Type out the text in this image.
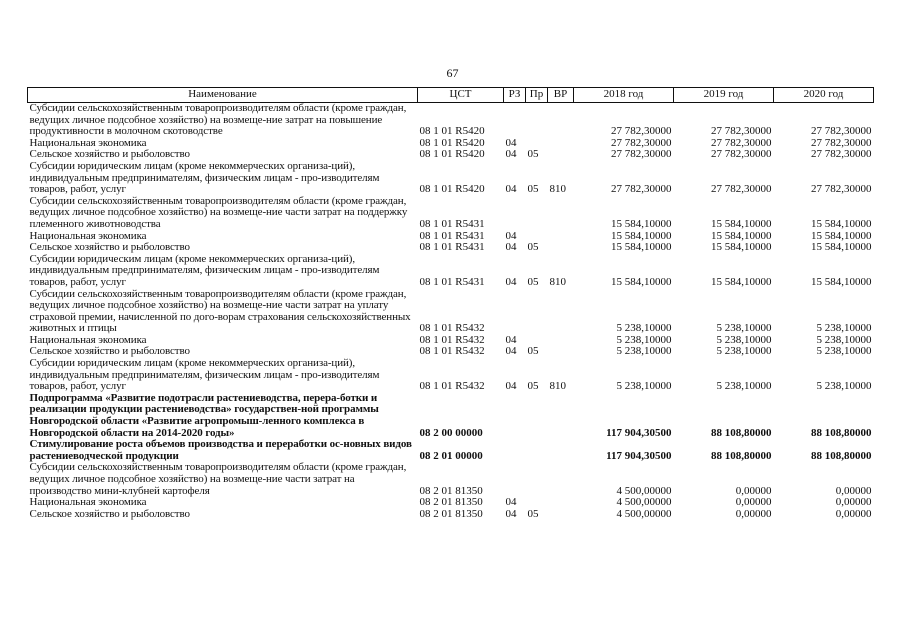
67
Наименование	ЦСТ	РЗ	Пр	ВР	2018 год	2019 год	2020 год
Субсидии сельскохозяйственным товаропроизводителям области (кроме граждан, ведущих личное подсобное хозяйство) на возмеще-ние затрат на повышение продуктивности в молочном скотоводстве	08 1 01 R5420				27 782,30000	27 782,30000	27 782,30000
Национальная экономика	08 1 01 R5420	04			27 782,30000	27 782,30000	27 782,30000
Сельское хозяйство и рыболовство	08 1 01 R5420	04	05		27 782,30000	27 782,30000	27 782,30000
Субсидии юридическим лицам (кроме некоммерческих организа-ций), индивидуальным предпринимателям, физическим лицам - про-изводителям товаров, работ, услуг	08 1 01 R5420	04	05	810	27 782,30000	27 782,30000	27 782,30000
Субсидии сельскохозяйственным товаропроизводителям области (кроме граждан, ведущих личное подсобное хозяйство) на возмеще-ние части затрат на поддержку племенного животноводства	08 1 01 R5431				15 584,10000	15 584,10000	15 584,10000
Национальная экономика	08 1 01 R5431	04			15 584,10000	15 584,10000	15 584,10000
Сельское хозяйство и рыболовство	08 1 01 R5431	04	05		15 584,10000	15 584,10000	15 584,10000
Субсидии юридическим лицам (кроме некоммерческих организа-ций), индивидуальным предпринимателям, физическим лицам - про-изводителям товаров, работ, услуг	08 1 01 R5431	04	05	810	15 584,10000	15 584,10000	15 584,10000
Субсидии сельскохозяйственным товаропроизводителям области (кроме граждан, ведущих личное подсобное хозяйство) на возмеще-ние части затрат на уплату страховой премии, начисленной по дого-ворам страхования сельскохозяйственных животных и птицы	08 1 01 R5432				5 238,10000	5 238,10000	5 238,10000
Национальная экономика	08 1 01 R5432	04			5 238,10000	5 238,10000	5 238,10000
Сельское хозяйство и рыболовство	08 1 01 R5432	04	05		5 238,10000	5 238,10000	5 238,10000
Субсидии юридическим лицам (кроме некоммерческих организа-ций), индивидуальным предпринимателям, физическим лицам - про-изводителям товаров, работ, услуг	08 1 01 R5432	04	05	810	5 238,10000	5 238,10000	5 238,10000
Подпрограмма «Развитие подотрасли растениеводства, перера-ботки и реализации продукции растениеводства» государствен-ной программы Новгородской области «Развитие агропромыш-ленного комплекса в Новгородской области на 2014-2020 годы»	08 2 00 00000				117 904,30500	88 108,80000	88 108,80000
Стимулирование роста объемов производства и переработки ос-новных видов растениеводческой продукции	08 2 01 00000				117 904,30500	88 108,80000	88 108,80000
Субсидии сельскохозяйственным товаропроизводителям области (кроме граждан, ведущих личное подсобное хозяйство) на возмеще-ние части затрат на производство мини-клубней картофеля	08 2 01 81350				4 500,00000	0,00000	0,00000
Национальная экономика	08 2 01 81350	04			4 500,00000	0,00000	0,00000
Сельское хозяйство и рыболовство	08 2 01 81350	04	05		4 500,00000	0,00000	0,00000
